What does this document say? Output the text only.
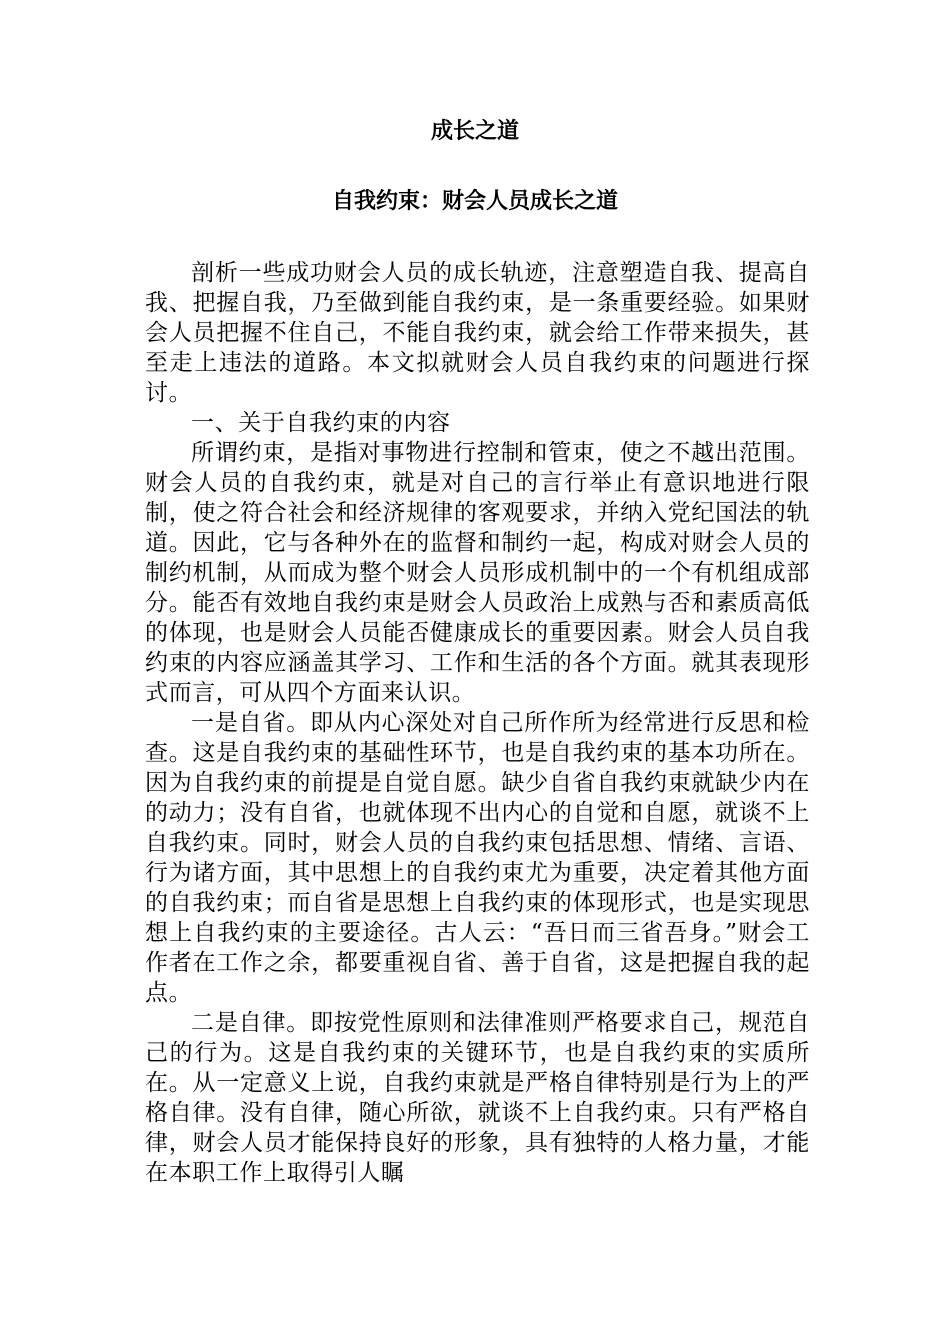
成长之道
自我约束：财会人员成长之道

剖析一些成功财会人员的成长轨迹，注意塑造自我、提高自我、把握自我，乃至做到能自我约束，是一条重要经验。如果财会人员把握不住自己，不能自我约束，就会给工作带来损失，甚至走上违法的道路。本文拟就财会人员自我约束的问题进行探讨。

一、关于自我约束的内容

所谓约束，是指对事物进行控制和管束，使之不越出范围。财会人员的自我约束，就是对自己的言行举止有意识地进行限制，使之符合社会和经济规律的客观要求，并纳入党纪国法的轨道。因此，它与各种外在的监督和制约一起，构成对财会人员的制约机制，从而成为整个财会人员形成机制中的一个有机组成部分。能否有效地自我约束是财会人员政治上成熟与否和素质高低的体现，也是财会人员能否健康成长的重要因素。财会人员自我约束的内容应涵盖其学习、工作和生活的各个方面。就其表现形式而言，可从四个方面来认识。

一是自省。即从内心深处对自己所作所为经常进行反思和检查。这是自我约束的基础性环节，也是自我约束的基本功所在。因为自我约束的前提是自觉自愿。缺少自省自我约束就缺少内在的动力；没有自省，也就体现不出内心的自觉和自愿，就谈不上自我约束。同时，财会人员的自我约束包括思想、情绪、言语、行为诸方面，其中思想上的自我约束尤为重要，决定着其他方面的自我约束；而自省是思想上自我约束的体现形式，也是实现思想上自我约束的主要途径。古人云：“吾日而三省吾身。”财会工作者在工作之余，都要重视自省、善于自省，这是把握自我的起点。

二是自律。即按党性原则和法律准则严格要求自己，规范自己的行为。这是自我约束的关键环节，也是自我约束的实质所在。从一定意义上说，自我约束就是严格自律特别是行为上的严格自律。没有自律，随心所欲，就谈不上自我约束。只有严格自律，财会人员才能保持良好的形象，具有独特的人格力量，才能在本职工作上取得引人瞩
